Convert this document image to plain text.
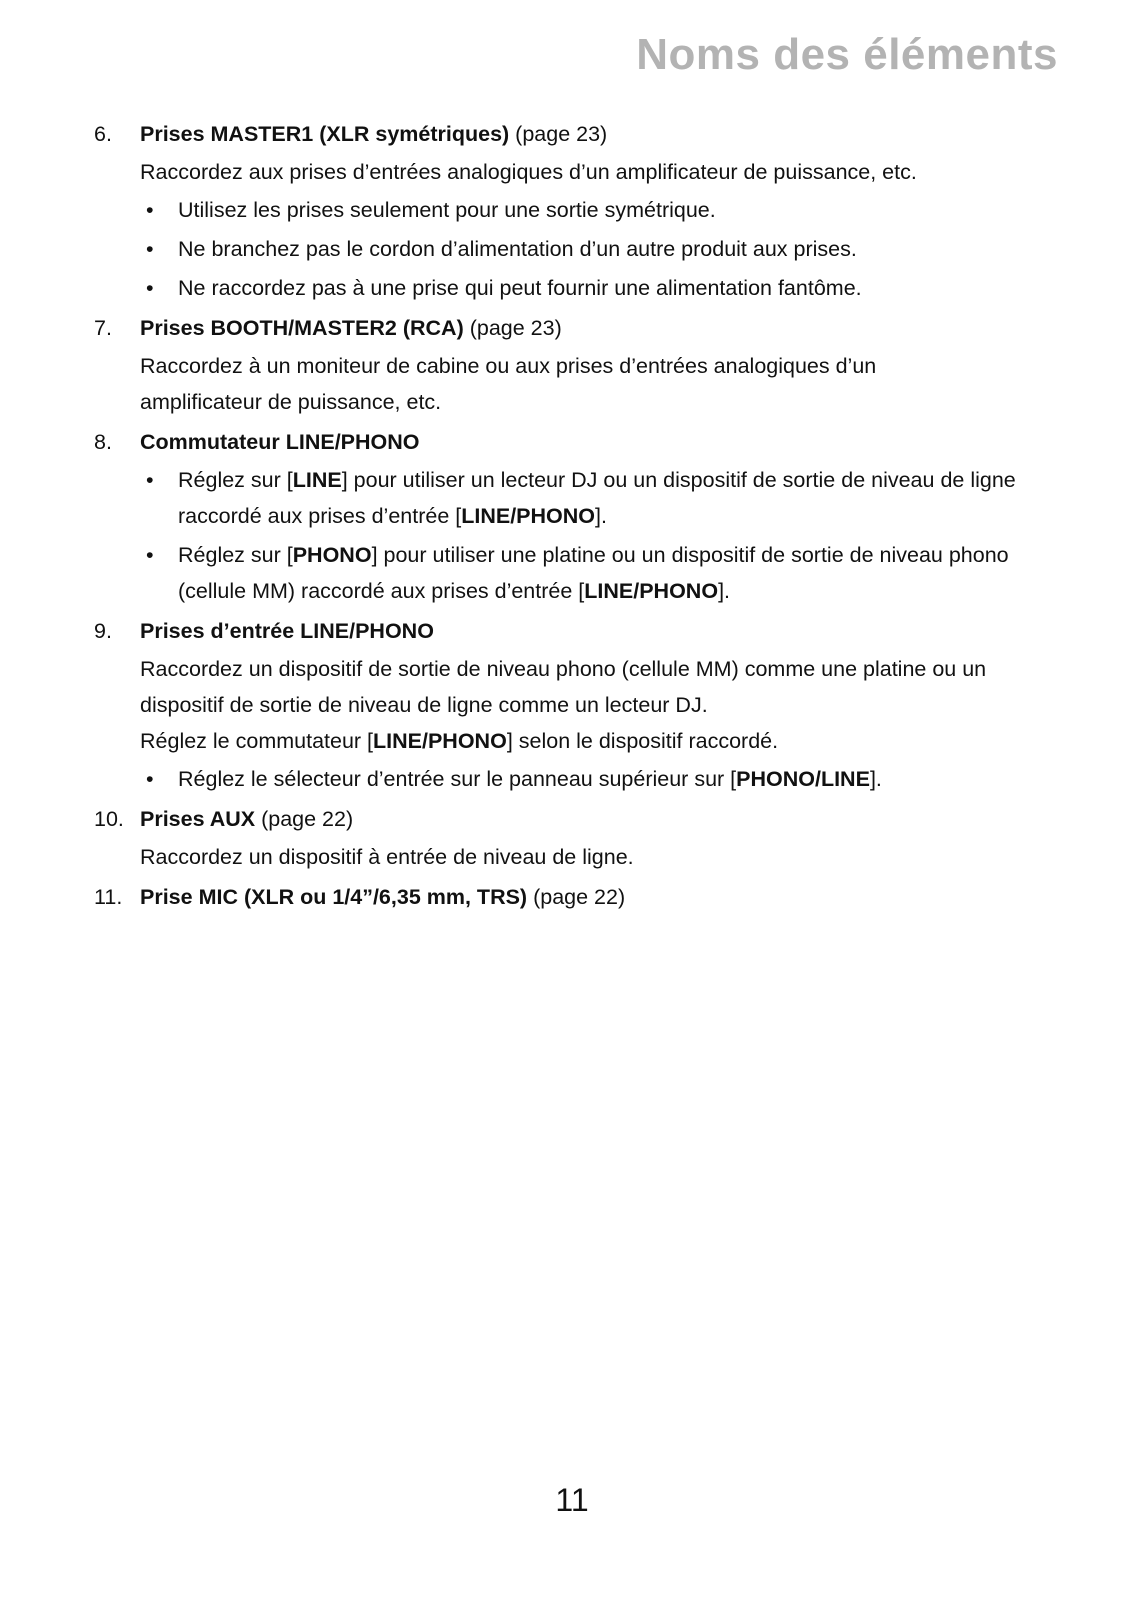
Noms des éléments
6. Prises MASTER1 (XLR symétriques) (page 23)
Raccordez aux prises d’entrées analogiques d’un amplificateur de puissance, etc.
• Utilisez les prises seulement pour une sortie symétrique.
• Ne branchez pas le cordon d’alimentation d’un autre produit aux prises.
• Ne raccordez pas à une prise qui peut fournir une alimentation fantôme.
7. Prises BOOTH/MASTER2 (RCA) (page 23)
Raccordez à un moniteur de cabine ou aux prises d’entrées analogiques d’un
amplificateur de puissance, etc.
8. Commutateur LINE/PHONO
• Réglez sur [LINE] pour utiliser un lecteur DJ ou un dispositif de sortie de niveau de ligne raccordé aux prises d’entrée [LINE/PHONO].
• Réglez sur [PHONO] pour utiliser une platine ou un dispositif de sortie de niveau phono (cellule MM) raccordé aux prises d’entrée [LINE/PHONO].
9. Prises d’entrée LINE/PHONO
Raccordez un dispositif de sortie de niveau phono (cellule MM) comme une platine ou un
dispositif de sortie de niveau de ligne comme un lecteur DJ.
Réglez le commutateur [LINE/PHONO] selon le dispositif raccordé.
• Réglez le sélecteur d’entrée sur le panneau supérieur sur [PHONO/LINE].
10. Prises AUX (page 22)
Raccordez un dispositif à entrée de niveau de ligne.
11. Prise MIC (XLR ou 1/4”/6,35 mm, TRS) (page 22)
11
